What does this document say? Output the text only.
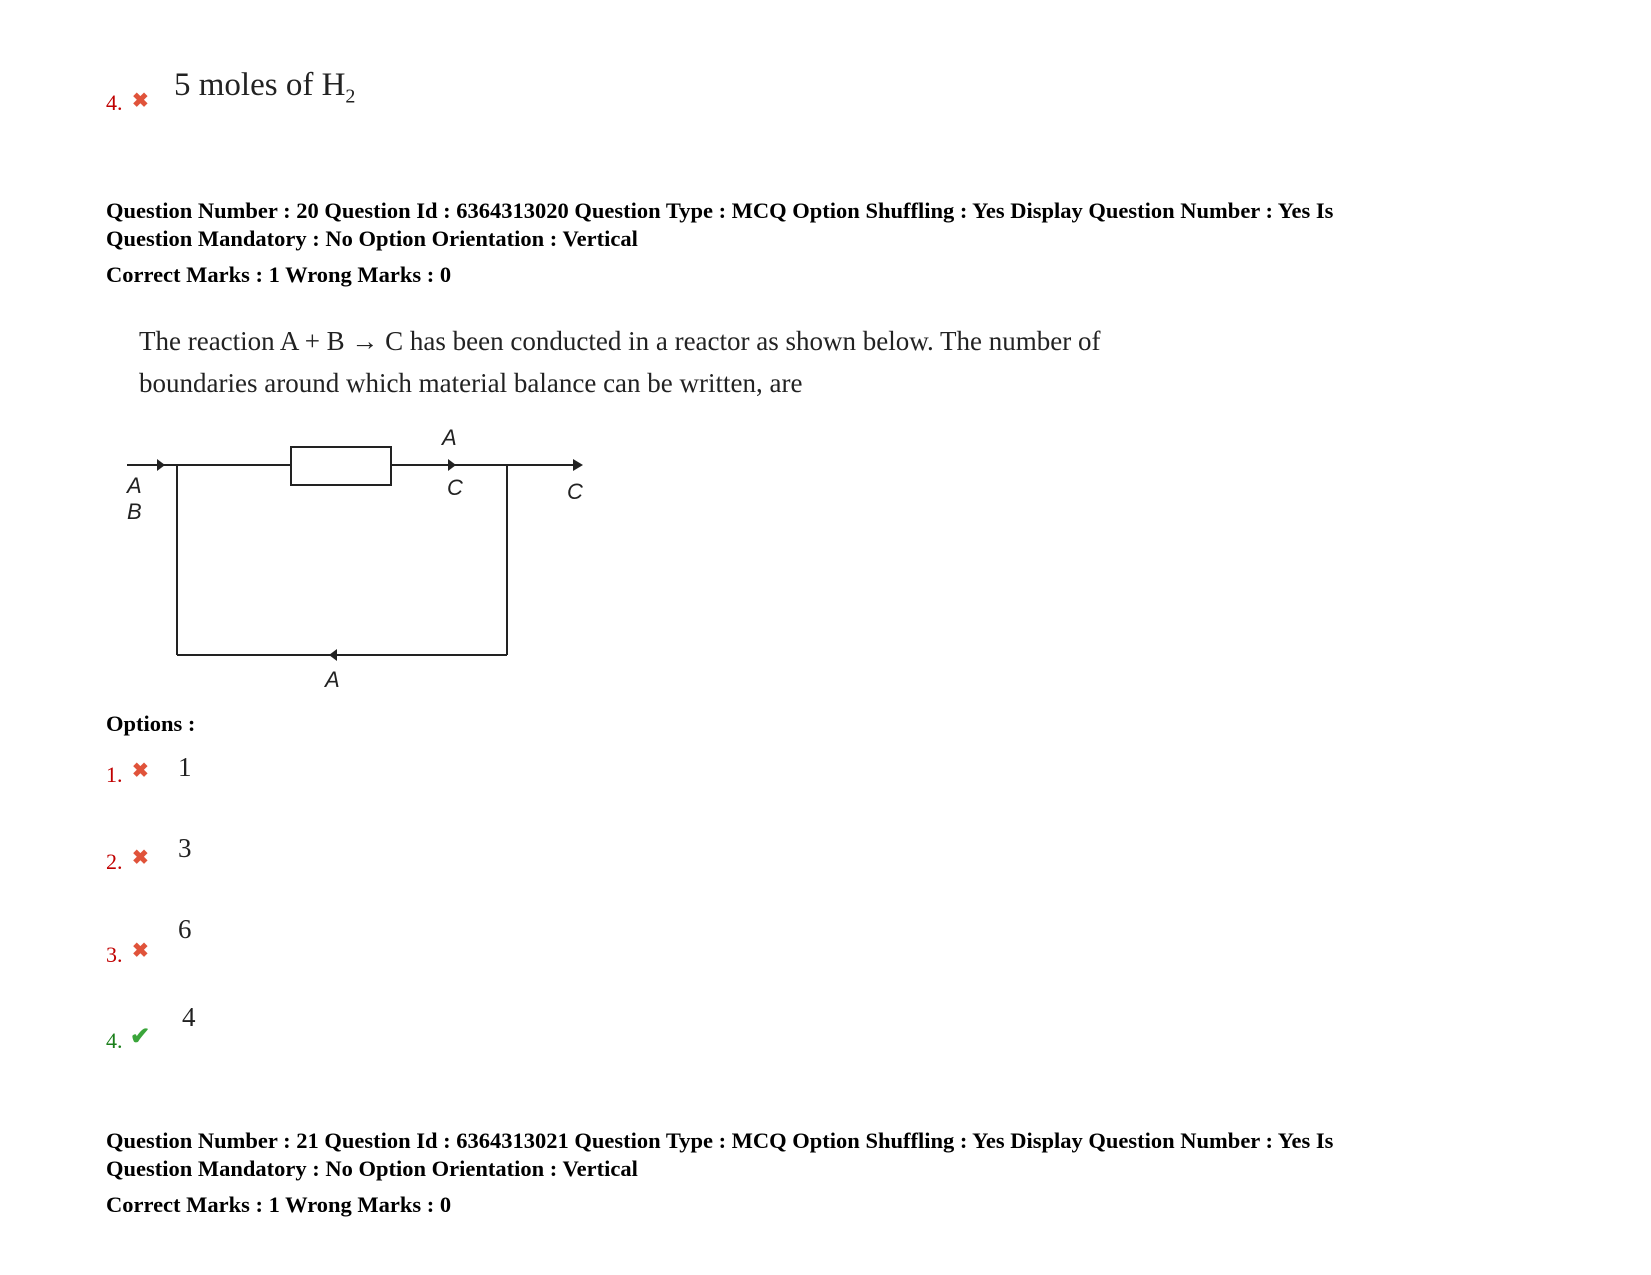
4. ✖ 5 moles of $H_2$
Question Number : 20 Question Id : 6364313020 Question Type : MCQ Option Shuffling : Yes Display Question Number : Yes Is
Question Mandatory : No Option Orientation : Vertical
Correct Marks : 1 Wrong Marks : 0
The reaction A + B → C has been conducted in a reactor as shown below. The number of
boundaries around which material balance can be written, are
A
B
A
C	C
A
Options :
1. ✖ 1
2. ✖ 3
3. ✖
6
4. ✔
4
Question Number : 21 Question Id : 6364313021 Question Type : MCQ Option Shuffling : Yes Display Question Number : Yes Is
Question Mandatory : No Option Orientation : Vertical
Correct Marks : 1 Wrong Marks : 0
